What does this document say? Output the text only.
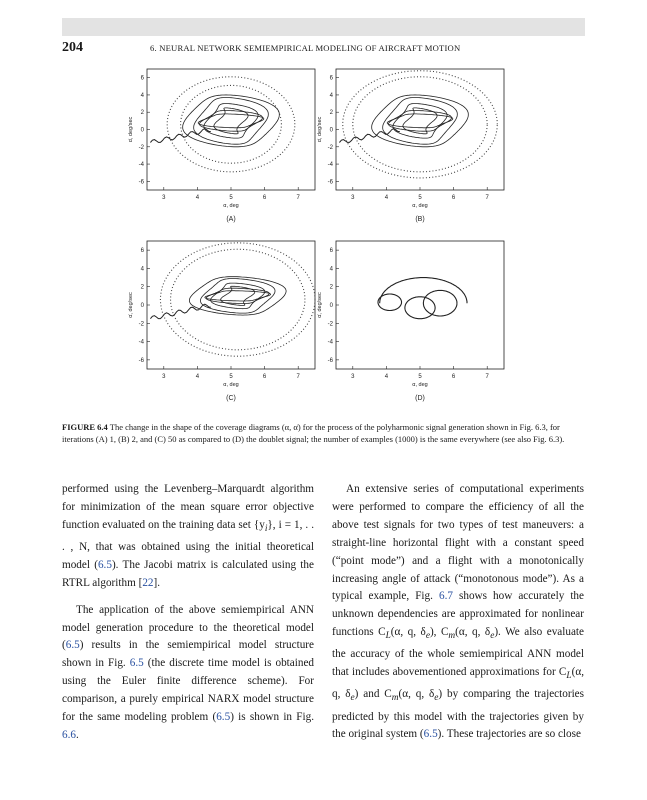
204	6. NEURAL NETWORK SEMIEMPIRICAL MODELING OF AIRCRAFT MOTION
3	4	5	6	7
-6
-4
-2
0
2
4
6
α, deg
α̇, deg/sec
(A)
3	4	5	6	7
-6
-4
-2
0
2
4
6
α, deg
α̇, deg/sec
(B)
3	4	5	6	7
-6
-4
-2
0
2
4
6
α, deg
α̇, deg/sec
(C)
3	4	5	6	7
-6
-4
-2
0
2
4
6
α, deg
α̇, deg/sec
(D)
FIGURE 6.4 The change in the shape of the coverage diagrams (α, α̇) for the process of the polyharmonic signal generation shown in Fig. 6.3, for iterations (A) 1, (B) 2, and (C) 50 as compared to (D) the doublet signal; the number of examples (1000) is the same everywhere (see also Fig. 6.3).

performed using the Levenberg–Marquardt algorithm for minimization of the mean square error objective function evaluated on the training data set $\{y_i\}$, i = 1, . . . , N, that was obtained using the initial theoretical model (6.5). The Jacobi matrix is calculated using the RTRL algorithm [22].

The application of the above semiempirical ANN model generation procedure to the theoretical model (6.5) results in the semiempirical model structure shown in Fig. 6.5 (the discrete time model is obtained using the Euler finite difference scheme). For comparison, a purely empirical NARX model structure for the same modeling problem (6.5) is shown in Fig. 6.6.

An extensive series of computational experiments were performed to compare the efficiency of all the above test signals for two types of test maneuvers: a straight-line horizontal flight with a constant speed (“point mode”) and a flight with a monotonically increasing angle of attack (“monotonous mode”). As a typical example, Fig. 6.7 shows how accurately the unknown dependencies are approximated for nonlinear functions $C_L(\alpha$, q, $\delta_e$), $C_m(\alpha$, q, $\delta_e$). We also evaluate the accuracy of the whole semiempirical ANN model that includes abovementioned approximations for $C_L(\alpha$, q, $\delta_e$) and $C_m(\alpha$, q, $\delta_e$) by comparing the trajectories predicted by this model with the trajectories given by the original system (6.5). These trajectories are so close
